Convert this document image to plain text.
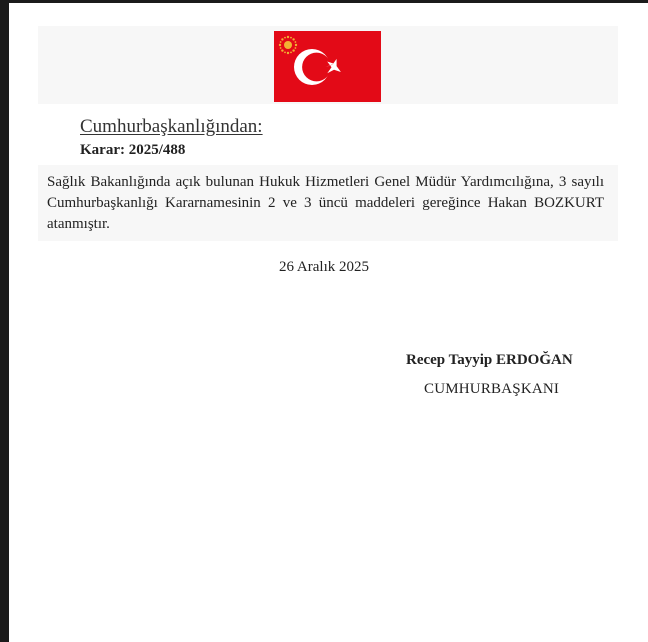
Cumhurbaşkanlığından:
Karar: 2025/488
Sağlık Bakanlığında açık bulunan Hukuk Hizmetleri Genel Müdür Yardımcılığına, 3 sayılı Cumhurbaşkanlığı Kararnamesinin 2 ve 3 üncü maddeleri gereğince Hakan BOZKURT atanmıştır.
26 Aralık 2025
Recep Tayyip ERDOĞAN
CUMHURBAŞKANI
